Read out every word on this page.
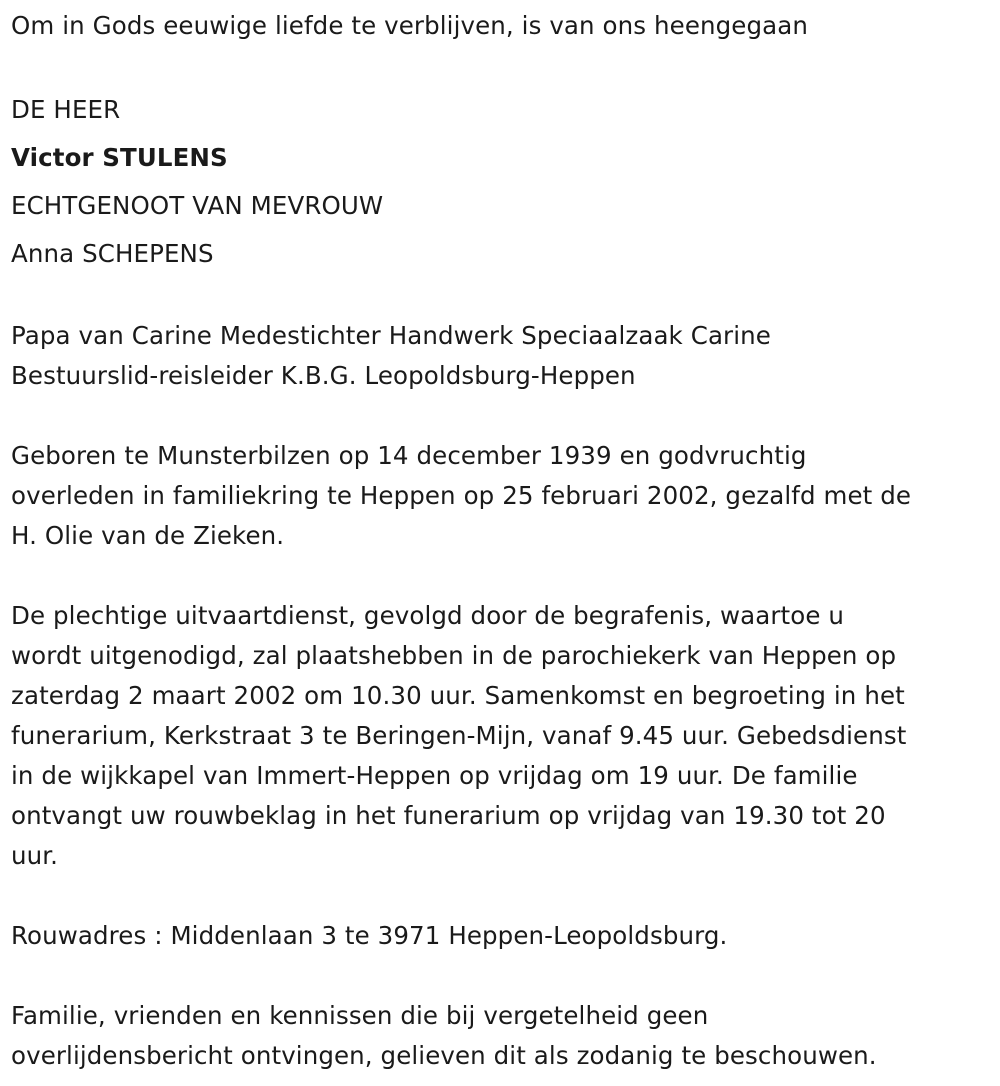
Om in Gods eeuwige liefde te verblijven, is van ons heengegaan
DE HEER
Victor STULENS
ECHTGENOOT VAN MEVROUW
Anna SCHEPENS
Papa van Carine Medestichter Handwerk Speciaalzaak Carine
Bestuurslid-reisleider K.B.G. Leopoldsburg-Heppen
Geboren te Munsterbilzen op 14 december 1939 en godvruchtig
overleden in familiekring te Heppen op 25 februari 2002, gezalfd met de
H. Olie van de Zieken.
De plechtige uitvaartdienst, gevolgd door de begrafenis, waartoe u
wordt uitgenodigd, zal plaatshebben in de parochiekerk van Heppen op
zaterdag 2 maart 2002 om 10.30 uur. Samenkomst en begroeting in het
funerarium, Kerkstraat 3 te Beringen-Mijn, vanaf 9.45 uur. Gebedsdienst
in de wijkkapel van Immert-Heppen op vrijdag om 19 uur. De familie
ontvangt uw rouwbeklag in het funerarium op vrijdag van 19.30 tot 20
uur.
Rouwadres : Middenlaan 3 te 3971 Heppen-Leopoldsburg.
Familie, vrienden en kennissen die bij vergetelheid geen
overlijdensbericht ontvingen, gelieven dit als zodanig te beschouwen.
